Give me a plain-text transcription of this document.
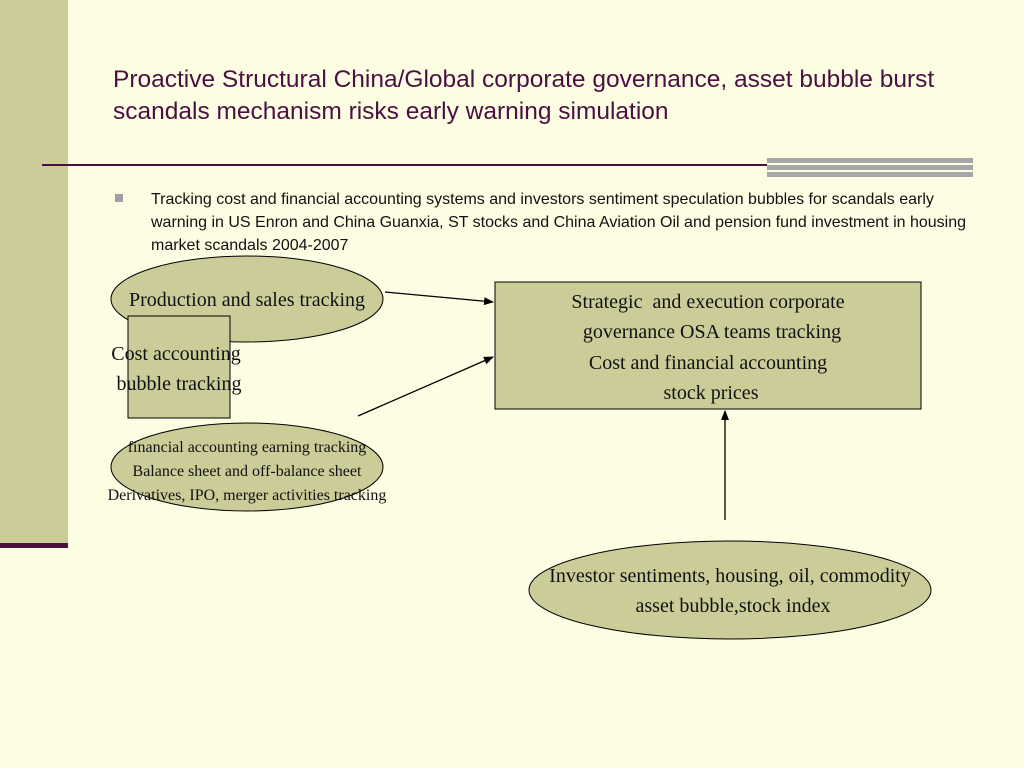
Proactive Structural China/Global corporate governance, asset bubble burst scandals mechanism risks early warning simulation
Tracking cost and financial accounting systems and investors sentiment speculation bubbles for scandals early warning in US Enron and China Guanxia, ST stocks and China Aviation Oil and pension fund investment in housing market scandals 2004-2007
Production and sales tracking
Cost accounting
bubble tracking
financial accounting earning tracking
Balance sheet and off-balance sheet
Derivatives, IPO, merger activities tracking
Strategic  and execution corporate
governance OSA teams tracking
Cost and financial accounting
stock prices
Investor sentiments, housing, oil, commodity
asset bubble,stock index
